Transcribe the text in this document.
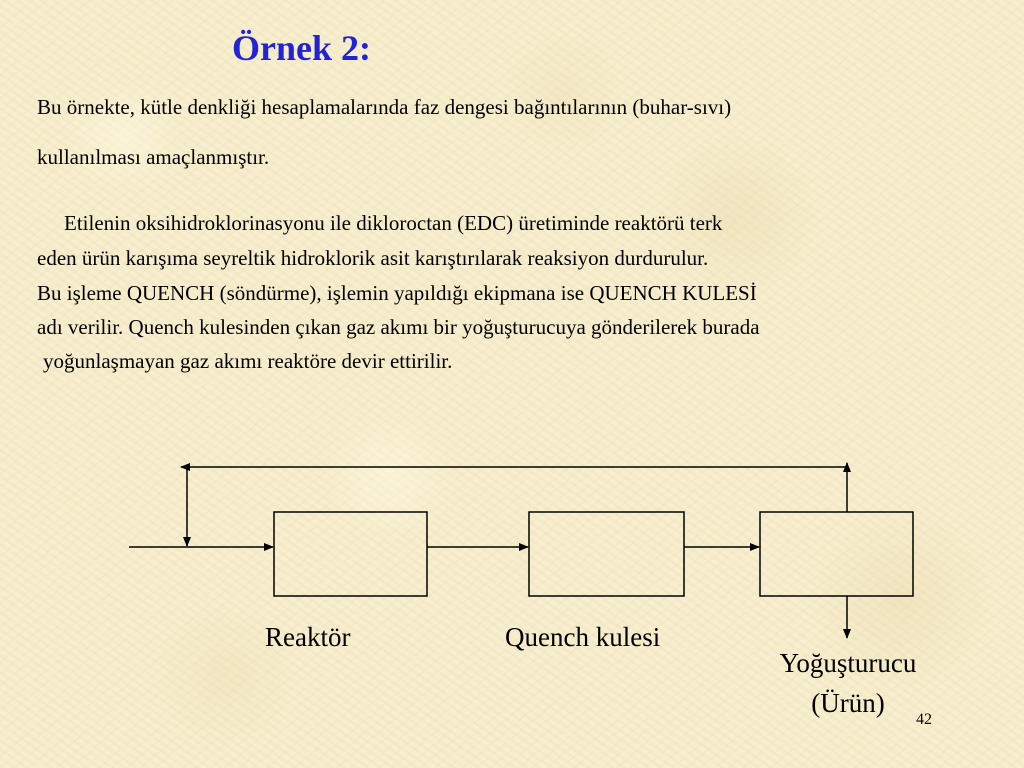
Örnek 2:

Bu örnekte, kütle denkliği hesaplamalarında faz dengesi bağıntılarının (buhar-sıvı)

kullanılması amaçlanmıştır.

Etilenin oksihidroklorinasyonu ile dikloroctan (EDC) üretiminde reaktörü terk

eden ürün karışıma seyreltik hidroklorik asit karıştırılarak reaksiyon durdurulur.

Bu işleme QUENCH (söndürme), işlemin yapıldığı ekipmana ise QUENCH KULESİ

adı verilir. Quench kulesinden çıkan gaz akımı bir yoğuşturucuya gönderilerek burada

yoğunlaşmayan gaz akımı reaktöre devir ettirilir.

Reaktör	Quench kulesi

Yoğuşturucu

(Ürün)

42
